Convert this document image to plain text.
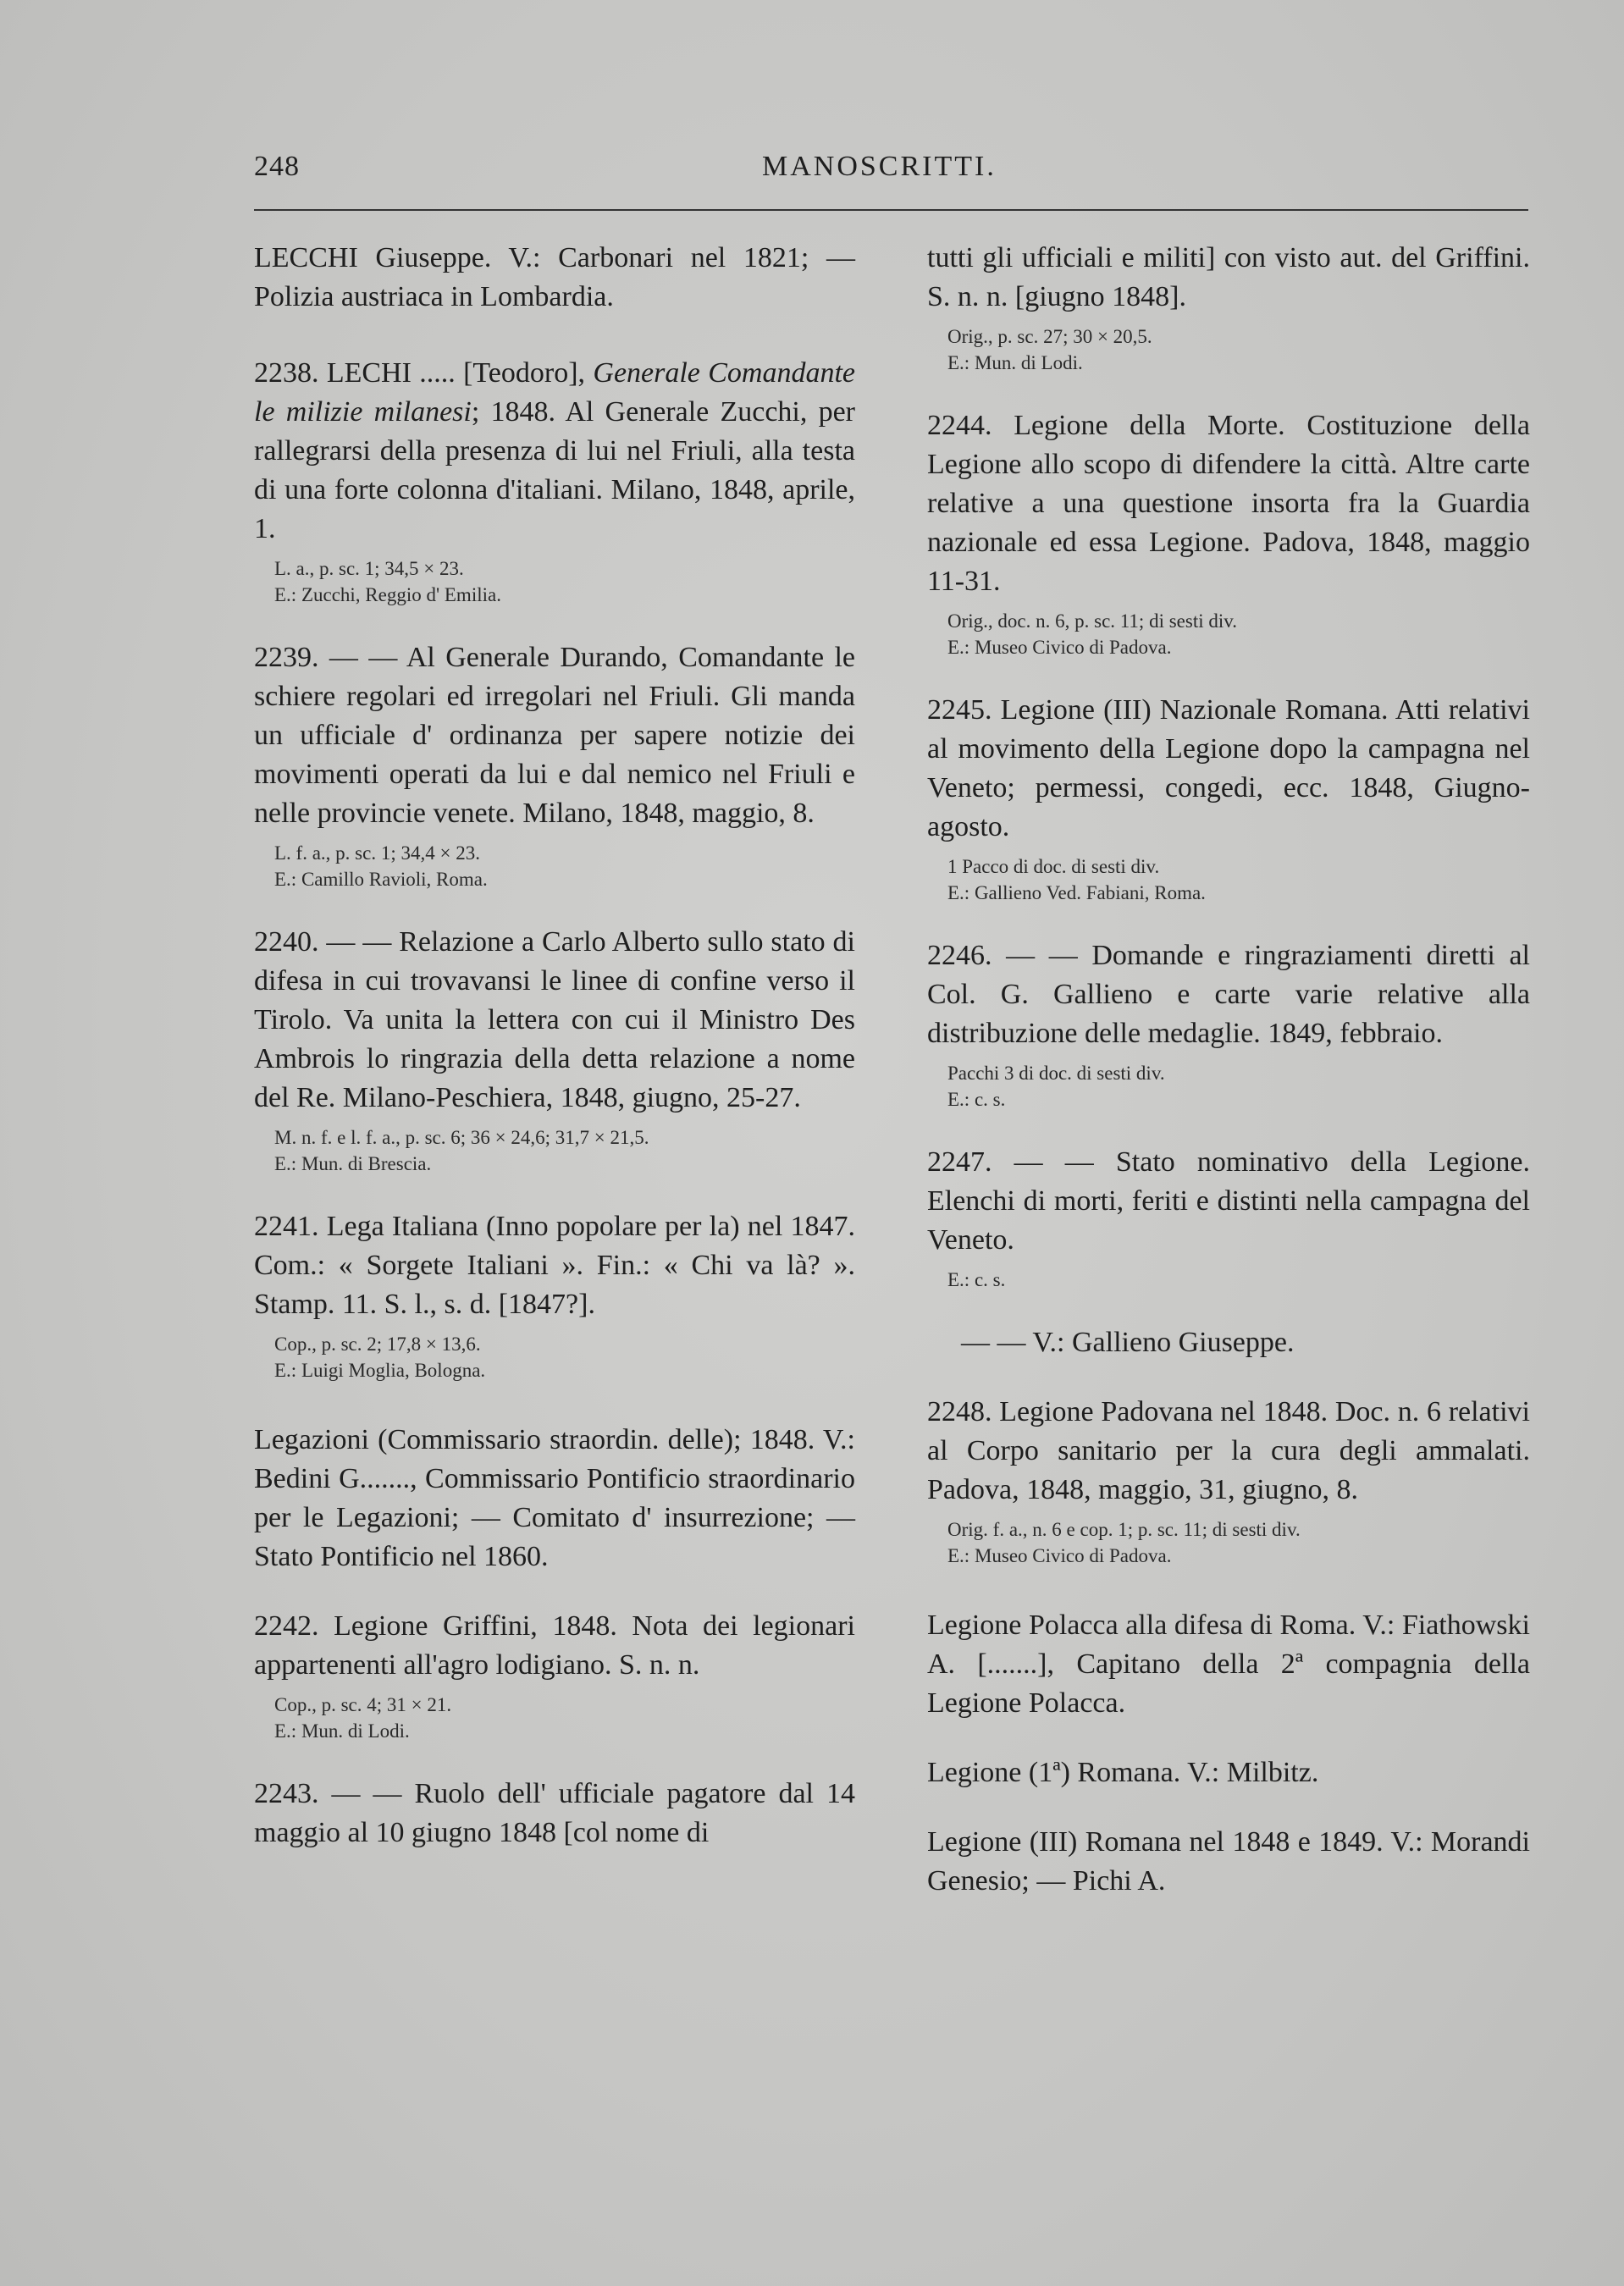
248	MANOSCRITTI.

LECCHI Giuseppe. V.: Carbonari nel 1821; — Polizia austriaca in Lombardia.

2238. LECHI ..... [Teodoro], Generale Comandante le milizie milanesi; 1848. Al Generale Zucchi, per rallegrarsi della presenza di lui nel Friuli, alla testa di una forte colonna d'italiani. Milano, 1848, aprile, 1.

L. a., p. sc. 1; 34,5 × 23.
E.: Zucchi, Reggio d' Emilia.

2239. — — Al Generale Durando, Comandante le schiere regolari ed irregolari nel Friuli. Gli manda un ufficiale d' ordinanza per sapere notizie dei movimenti operati da lui e dal nemico nel Friuli e nelle provincie venete. Milano, 1848, maggio, 8.

L. f. a., p. sc. 1; 34,4 × 23.
E.: Camillo Ravioli, Roma.

2240. — — Relazione a Carlo Alberto sullo stato di difesa in cui trovavansi le linee di confine verso il Tirolo. Va unita la lettera con cui il Ministro Des Ambrois lo ringrazia della detta relazione a nome del Re. Milano-Peschiera, 1848, giugno, 25-27.

M. n. f. e l. f. a., p. sc. 6; 36 × 24,6; 31,7 × 21,5.
E.: Mun. di Brescia.

2241. Lega Italiana (Inno popolare per la) nel 1847. Com.: « Sorgete Italiani ». Fin.: « Chi va là? ». Stamp. 11. S. l., s. d. [1847?].

Cop., p. sc. 2; 17,8 × 13,6.
E.: Luigi Moglia, Bologna.

Legazioni (Commissario straordin. delle); 1848. V.: Bedini G......., Commissario Pontificio straordinario per le Legazioni; — Comitato d' insurrezione; — Stato Pontificio nel 1860.

2242. Legione Griffini, 1848. Nota dei legionari appartenenti all'agro lodigiano. S. n. n.

Cop., p. sc. 4; 31 × 21.
E.: Mun. di Lodi.

2243. — — Ruolo dell' ufficiale pagatore dal 14 maggio al 10 giugno 1848 [col nome di

tutti gli ufficiali e militi] con visto aut. del Griffini. S. n. n. [giugno 1848].

Orig., p. sc. 27; 30 × 20,5.
E.: Mun. di Lodi.

2244. Legione della Morte. Costituzione della Legione allo scopo di difendere la città. Altre carte relative a una questione insorta fra la Guardia nazionale ed essa Legione. Padova, 1848, maggio 11-31.

Orig., doc. n. 6, p. sc. 11; di sesti div.
E.: Museo Civico di Padova.

2245. Legione (III) Nazionale Romana. Atti relativi al movimento della Legione dopo la campagna nel Veneto; permessi, congedi, ecc. 1848, Giugno-agosto.

1 Pacco di doc. di sesti div.
E.: Gallieno Ved. Fabiani, Roma.

2246. — — Domande e ringraziamenti diretti al Col. G. Gallieno e carte varie relative alla distribuzione delle medaglie. 1849, febbraio.

Pacchi 3 di doc. di sesti div.
E.: c. s.

2247. — — Stato nominativo della Legione. Elenchi di morti, feriti e distinti nella campagna del Veneto.

E.: c. s.

— — V.: Gallieno Giuseppe.

2248. Legione Padovana nel 1848. Doc. n. 6 relativi al Corpo sanitario per la cura degli ammalati. Padova, 1848, maggio, 31, giugno, 8.

Orig. f. a., n. 6 e cop. 1; p. sc. 11; di sesti div.
E.: Museo Civico di Padova.

Legione Polacca alla difesa di Roma. V.: Fiathowski A. [.......], Capitano della 2ª compagnia della Legione Polacca.

Legione (1ª) Romana. V.: Milbitz.

Legione (III) Romana nel 1848 e 1849. V.: Morandi Genesio; — Pichi A.
